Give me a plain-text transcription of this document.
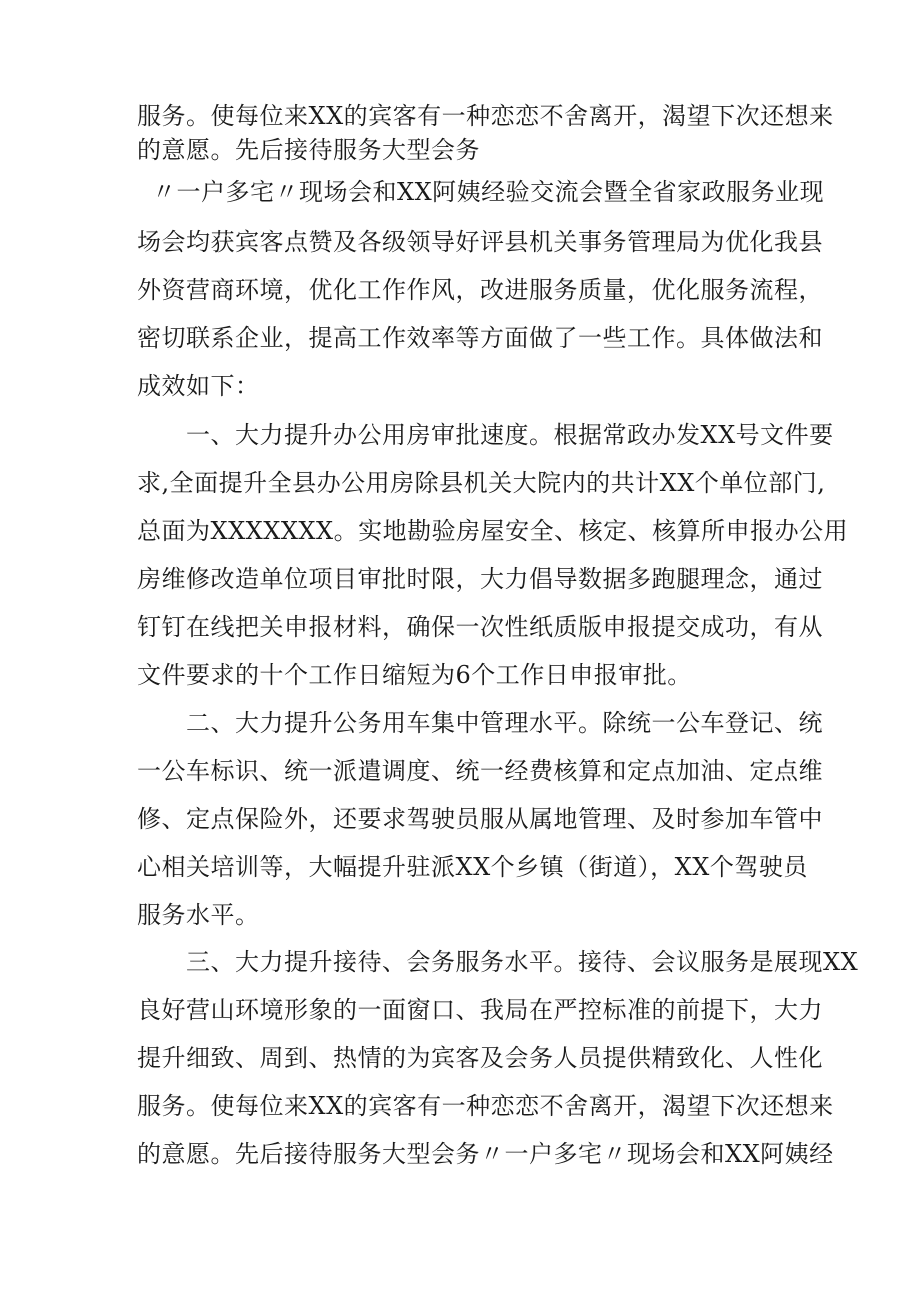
服务。使每位来XX的宾客有一种恋恋不舍离开，渴望下次还想来
的意愿。先后接待服务大型会务
〃一户多宅〃现场会和XX阿姨经验交流会暨全省家政服务业现
场会均获宾客点赞及各级领导好评县机关事务管理局为优化我县
外资营商环境，优化工作作风，改进服务质量，优化服务流程，
密切联系企业，提高工作效率等方面做了一些工作。具体做法和
成效如下：
一、大力提升办公用房审批速度。根据常政办发XX号文件要
求,全面提升全县办公用房除县机关大院内的共计XX个单位部门,
总面为XXXXXXX。实地勘验房屋安全、核定、核算所申报办公用
房维修改造单位项目审批时限，大力倡导数据多跑腿理念，通过
钉钉在线把关申报材料，确保一次性纸质版申报提交成功，有从
文件要求的十个工作日缩短为6个工作日申报审批。
二、大力提升公务用车集中管理水平。除统一公车登记、统
一公车标识、统一派遣调度、统一经费核算和定点加油、定点维
修、定点保险外，还要求驾驶员服从属地管理、及时参加车管中
心相关培训等，大幅提升驻派XX个乡镇（街道），XX个驾驶员
服务水平。
三、大力提升接待、会务服务水平。接待、会议服务是展现XX
良好营山环境形象的一面窗口、我局在严控标准的前提下，大力
提升细致、周到、热情的为宾客及会务人员提供精致化、人性化
服务。使每位来XX的宾客有一种恋恋不舍离开，渴望下次还想来
的意愿。先后接待服务大型会务〃一户多宅〃现场会和XX阿姨经
